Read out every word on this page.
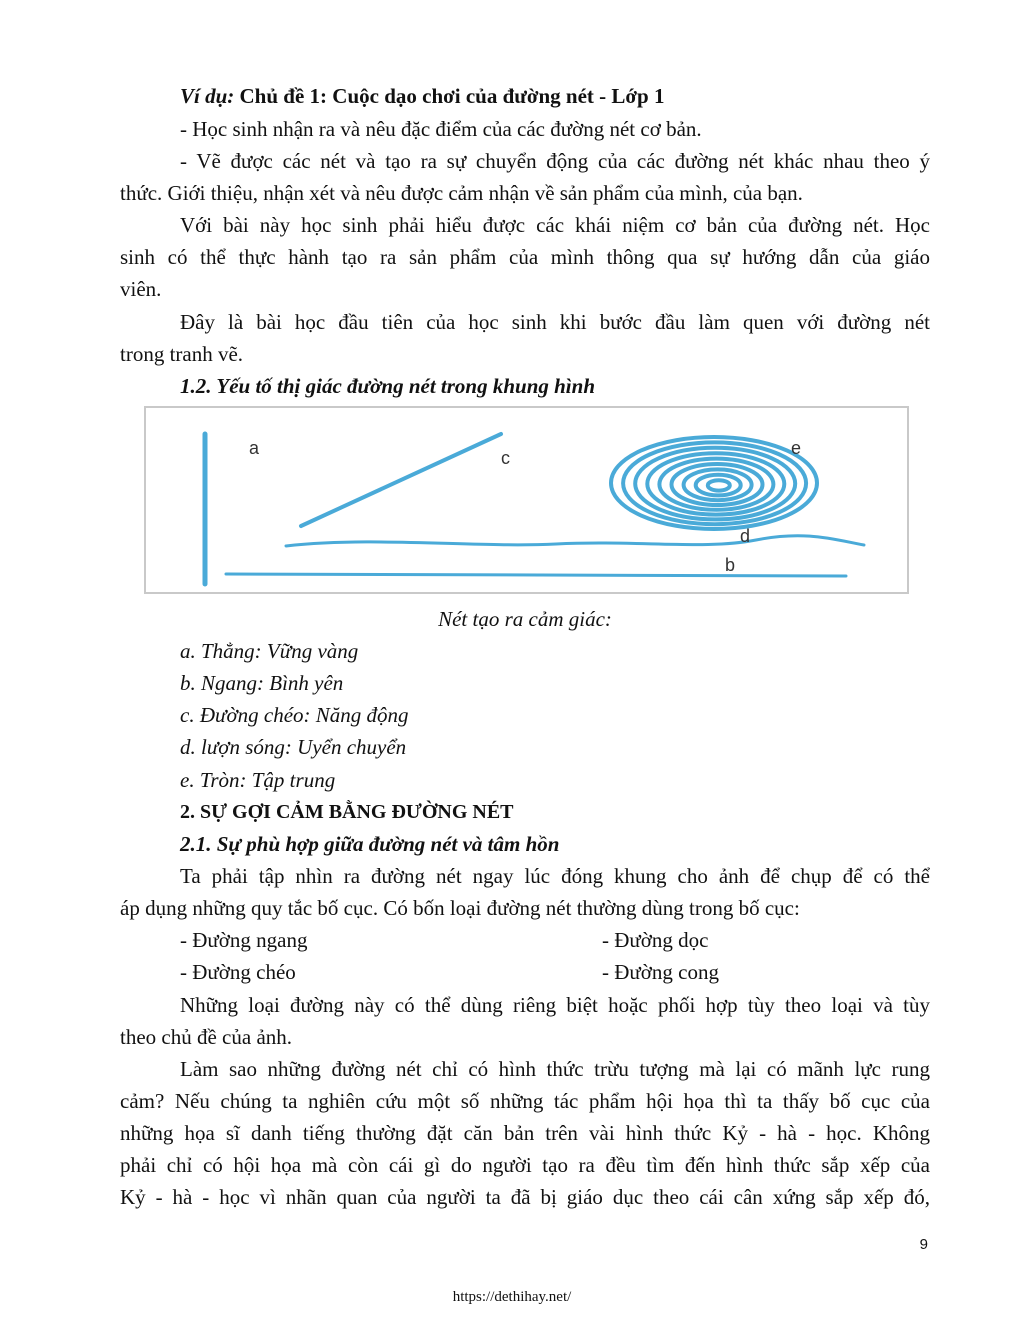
Ví dụ: Chủ đề 1: Cuộc dạo chơi của đường nét - Lớp 1
- Học sinh nhận ra và nêu đặc điểm của các đường nét cơ bản.
- Vẽ được các nét và tạo ra sự chuyển động của các đường nét khác nhau theo ý
thức. Giới thiệu, nhận xét và nêu được cảm nhận về sản phẩm của mình, của bạn.
Với bài này học sinh phải hiểu được các khái niệm cơ bản của đường nét. Học
sinh có thể thực hành tạo ra sản phẩm của mình thông qua sự hướng dẫn của giáo
viên.
Đây là bài học đầu tiên của học sinh khi bước đầu làm quen với đường nét
trong tranh vẽ.
1.2. Yếu tố thị giác đường nét trong khung hình
a	c	e
d
b
Nét tạo ra cảm giác:
a. Thẳng: Vững vàng
b. Ngang: Bình yên
c. Đường chéo: Năng động
d. lượn sóng: Uyển chuyển
e. Tròn: Tập trung
2. SỰ GỢI CẢM BẰNG ĐƯỜNG NÉT
2.1. Sự phù hợp giữa đường nét và tâm hồn
Ta phải tập nhìn ra đường nét ngay lúc đóng khung cho ảnh để chụp để có thể
áp dụng những quy tắc bố cục. Có bốn loại đường nét thường dùng trong bố cục:
- Đường ngang	- Đường dọc
- Đường chéo	- Đường cong
Những loại đường này có thể dùng riêng biệt hoặc phối hợp tùy theo loại và tùy
theo chủ đề của ảnh.
Làm sao những đường nét chỉ có hình thức trừu tượng mà lại có mãnh lực rung
cảm? Nếu chúng ta nghiên cứu một số những tác phẩm hội họa thì ta thấy bố cục của
những họa sĩ danh tiếng thường đặt căn bản trên vài hình thức Kỷ - hà - học. Không
phải chỉ có hội họa mà còn cái gì do người tạo ra đều tìm đến hình thức sắp xếp của
Kỷ - hà - học vì nhãn quan của người ta đã bị giáo dục theo cái cân xứng sắp xếp đó,
9
https://dethihay.net/
